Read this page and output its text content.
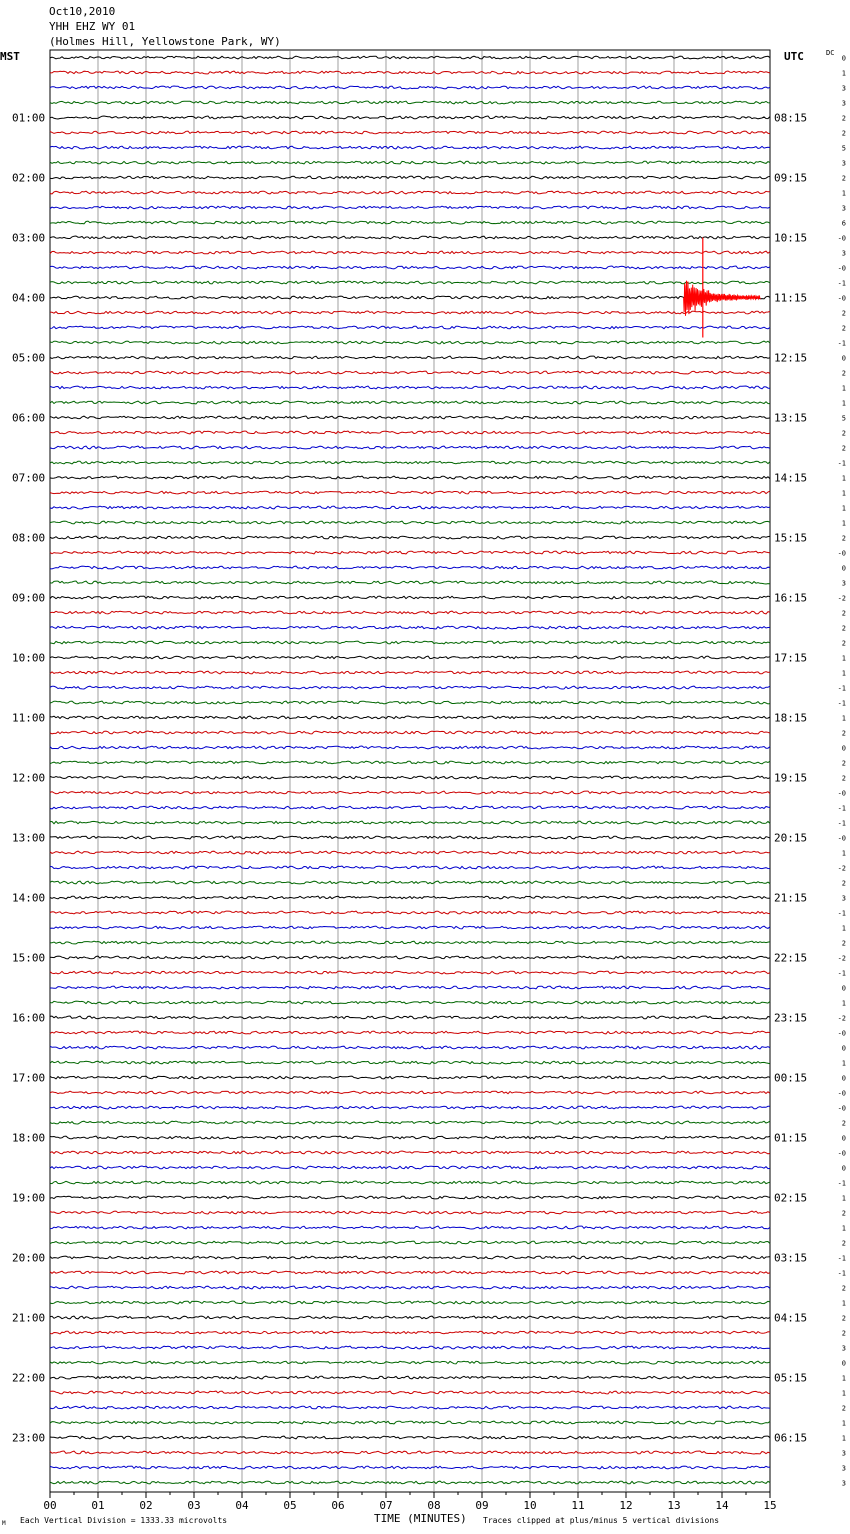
Oct10,2010
YHH EHZ WY 01
(Holmes Hill, Yellowstone Park, WY)
MST	UTC	DC
00	01	02	03	04	05	06	07	08	09	10	11	12	13	14	15
0
1
3
3
2
2
5
3
2
1
3
6
-0
3
-0
-1
-0
2
2
-1
0
2
1
1
5
2
2
-1
1
1
1
1
2
-0
0
3
-2
2
2
2
1
1
-1
-1
1
2
0
2
2
-0
-1
-1
-0
1
-2
2
3
-1
1
2
-2
-1
0
1
-2
-0
0
1
0
-0
-0
2
0
-0
0
-1
1
2
1
2
-1
-1
2
1
2
2
3
0
1
1
2
1
1
3
3
3
01:00
02:00
03:00
04:00
05:00
06:00
07:00
08:00
09:00
10:00
11:00
12:00
13:00
14:00
15:00
16:00
17:00
18:00
19:00
20:00
21:00
22:00
23:00
08:15
09:15
10:15
11:15
12:15
13:15
14:15
15:15
16:15
17:15
18:15
19:15
20:15
21:15
22:15
23:15
00:15
01:15
02:15
03:15
04:15
05:15
06:15
TIME (MINUTES)
Each Vertical Division = 1333.33 microvolts	Traces clipped at plus/minus 5 vertical divisions
M
